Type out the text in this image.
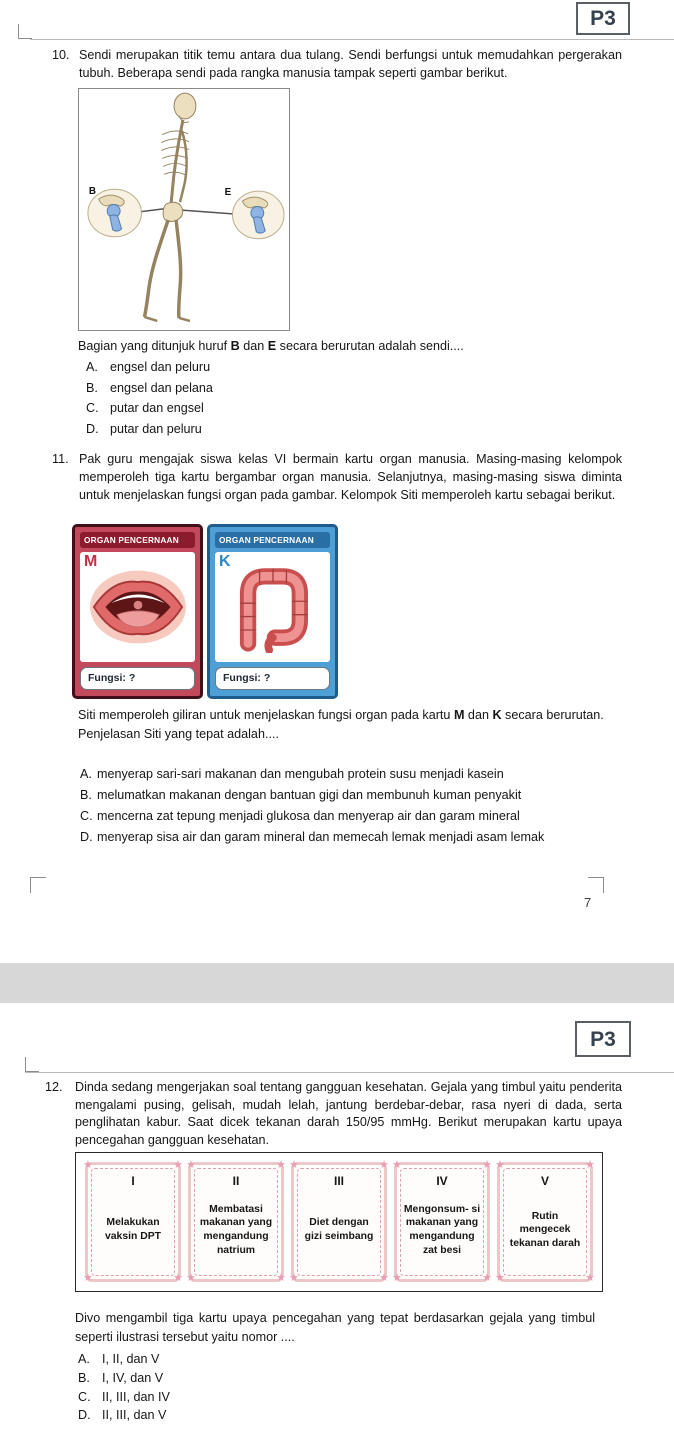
P3
10. Sendi merupakan titik temu antara dua tulang. Sendi berfungsi untuk memudahkan pergerakan tubuh. Beberapa sendi pada rangka manusia tampak seperti gambar berikut.
B	E
Bagian yang ditunjuk huruf B dan E secara berurutan adalah sendi....
A. engsel dan peluru
B. engsel dan pelana
C. putar dan engsel
D. putar dan peluru
11. Pak guru mengajak siswa kelas VI bermain kartu organ manusia. Masing-masing kelompok memperoleh tiga kartu bergambar organ manusia. Selanjutnya, masing-masing siswa diminta untuk menjelaskan fungsi organ pada gambar. Kelompok Siti memperoleh kartu sebagai berikut.
ORGAN PENCERNAAN
M
Fungsi: ?
ORGAN PENCERNAAN
K
Fungsi: ?
Siti memperoleh giliran untuk menjelaskan fungsi organ pada kartu M dan K secara berurutan.
Penjelasan Siti yang tepat adalah....
A. menyerap sari-sari makanan dan mengubah protein susu menjadi kasein
B. melumatkan makanan dengan bantuan gigi dan membunuh kuman penyakit
C. mencerna zat tepung menjadi glukosa dan menyerap air dan garam mineral
D. menyerap sisa air dan garam mineral dan memecah lemak menjadi asam lemak
7
P3
12. Dinda sedang mengerjakan soal tentang gangguan kesehatan. Gejala yang timbul yaitu penderita mengalami pusing, gelisah, mudah lelah, jantung berdebar-debar, rasa nyeri di dada, serta penglihatan kabur. Saat dicek tekanan darah 150/95 mmHg. Berikut merupakan kartu upaya pencegahan gangguan kesehatan.
★	★
★	★
I
Melakukan vaksin DPT
★	★
★	★
II
Membatasi makanan yang mengandung natrium
★	★
★	★
III
Diet dengan gizi seimbang
★	★
★	★
IV
Mengonsum- si makanan yang mengandung zat besi
★	★
★	★
V
Rutin mengecek tekanan darah
Divo mengambil tiga kartu upaya pencegahan yang tepat berdasarkan gejala yang timbul seperti ilustrasi tersebut yaitu nomor ....
A. I, II, dan V
B. I, IV, dan V
C. II, III, dan IV
D. II, III, dan V
